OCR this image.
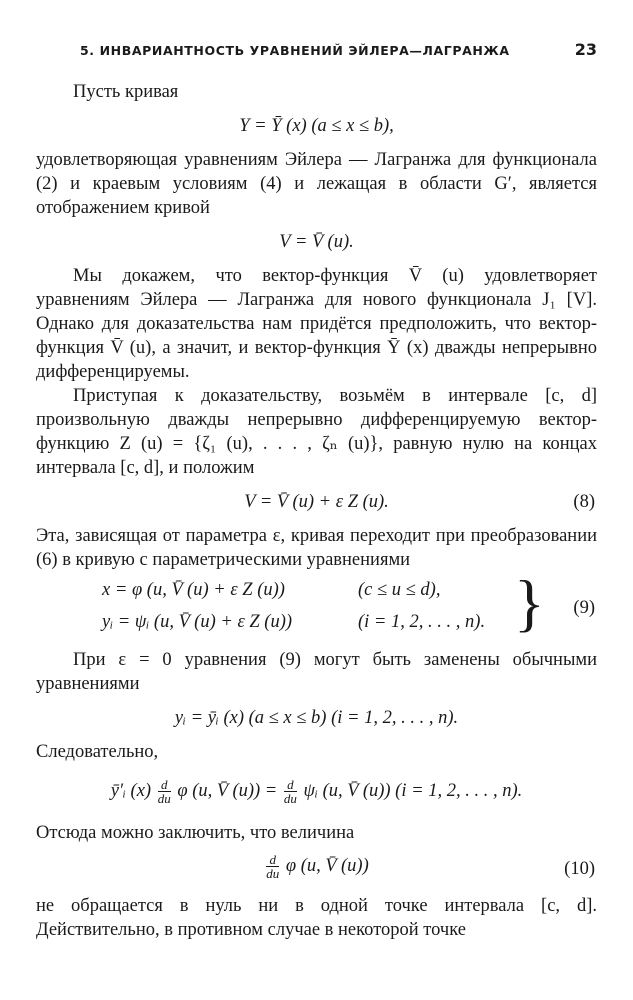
5. ИНВАРИАНТНОСТЬ УРАВНЕНИЙ ЭЙЛЕРА—ЛАГРАНЖА	23

Пусть кривая

Y = Ȳ (x) (a ≤ x ≤ b),

удовлетворяющая уравнениям Эйлера — Лагранжа для функционала (2) и краевым условиям (4) и лежащая в области G′, является отображением кривой

V = V̄ (u).

Мы докажем, что вектор-функция V̄ (u) удовлетворяет уравнениям Эйлера — Лагранжа для нового функционала J₁ [V]. Однако для доказательства нам придётся предположить, что вектор-функция V̄ (u), а значит, и вектор-функция Ȳ (x) дважды непрерывно дифференцируемы.

Приступая к доказательству, возьмём в интервале [c, d] произвольную дважды непрерывно дифференцируемую вектор-функцию Z (u) = {ζ₁ (u), . . . , ζₙ (u)}, равную нулю на концах интервала [c, d], и положим

V = V̄ (u) + ε Z (u).	(8)

Эта, зависящая от параметра ε, кривая переходит при преобразовании (6) в кривую с параметрическими уравнениями

x = φ (u, V̄ (u) + ε Z (u))	(c ≤ u ≤ d),
yᵢ = ψᵢ (u, V̄ (u) + ε Z (u))	(i = 1, 2, . . . , n). } (9)

При ε = 0 уравнения (9) могут быть заменены обычными уравнениями

yᵢ = ȳᵢ (x) (a ≤ x ≤ b) (i = 1, 2, . . . , n).

Следовательно,

ȳ′ᵢ $(x) \frac{d}{du}$ φ (u, V̄ $(u)) = \frac{d}{du}$ ψᵢ (u, V̄ (u)) (i = 1, 2, . . . , n).

Отсюда можно заключить, что величина

$\frac{d}{du}$ φ (u, V̄ (u))	(10)

не обращается в нуль ни в одной точке интервала [c, d]. Действительно, в противном случае в некоторой точке
